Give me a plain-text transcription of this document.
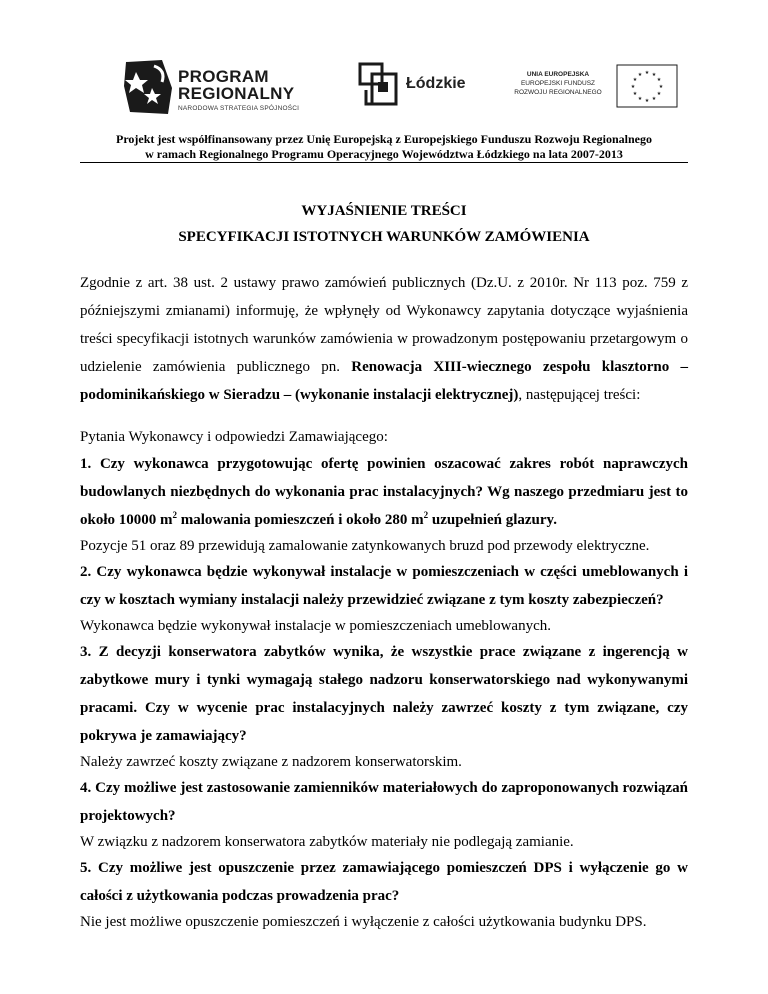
PROGRAM
REGIONALNY
NARODOWA STRATEGIA SPÓJNOŚCI
Łódzkie
UNIA EUROPEJSKA
EUROPEJSKI FUNDUSZ
ROZWOJU REGIONALNEGO
★ ★
★
★
★
★
★
★
★
★
★
★
Projekt jest współfinansowany przez Unię Europejską z Europejskiego Funduszu Rozwoju Regionalnego
w ramach Regionalnego Programu Operacyjnego Województwa Łódzkiego na lata 2007-2013
WYJAŚNIENIE TREŚCI
SPECYFIKACJI ISTOTNYCH WARUNKÓW ZAMÓWIENIA

Zgodnie z art. 38 ust. 2 ustawy prawo zamówień publicznych (Dz.U. z 2010r. Nr 113 poz. 759 z późniejszymi zmianami) informuję, że wpłynęły od Wykonawcy zapytania dotyczące wyjaśnienia treści specyfikacji istotnych warunków zamówienia w prowadzonym postępowaniu przetargowym o udzielenie zamówienia publicznego pn. Renowacja XIII-wiecznego zespołu klasztorno – podominikańskiego w Sieradzu – (wykonanie instalacji elektrycznej), następującej treści:

Pytania Wykonawcy i odpowiedzi Zamawiającego:

1. Czy wykonawca przygotowując ofertę powinien oszacować zakres robót naprawczych budowlanych niezbędnych do wykonania prac instalacyjnych? Wg naszego przedmiaru jest to około 10000 $m^2$ malowania pomieszczeń i około 280 $m^2$ uzupełnień glazury.

Pozycje 51 oraz 89 przewidują zamalowanie zatynkowanych bruzd pod przewody elektryczne.

2. Czy wykonawca będzie wykonywał instalacje w pomieszczeniach w części umeblowanych i czy w kosztach wymiany instalacji należy przewidzieć związane z tym koszty zabezpieczeń?

Wykonawca będzie wykonywał instalacje w pomieszczeniach umeblowanych.

3. Z decyzji konserwatora zabytków wynika, że wszystkie prace związane z ingerencją w zabytkowe mury i tynki wymagają stałego nadzoru konserwatorskiego nad wykonywanymi pracami. Czy w wycenie prac instalacyjnych należy zawrzeć koszty z tym związane, czy pokrywa je zamawiający?

Należy zawrzeć koszty związane z nadzorem konserwatorskim.

4. Czy możliwe jest zastosowanie zamienników materiałowych do zaproponowanych rozwiązań projektowych?

W związku z nadzorem konserwatora zabytków materiały nie podlegają zamianie.

5. Czy możliwe jest opuszczenie przez zamawiającego pomieszczeń DPS i wyłączenie go w całości z użytkowania podczas prowadzenia prac?

Nie jest możliwe opuszczenie pomieszczeń i wyłączenie z całości użytkowania budynku DPS.
